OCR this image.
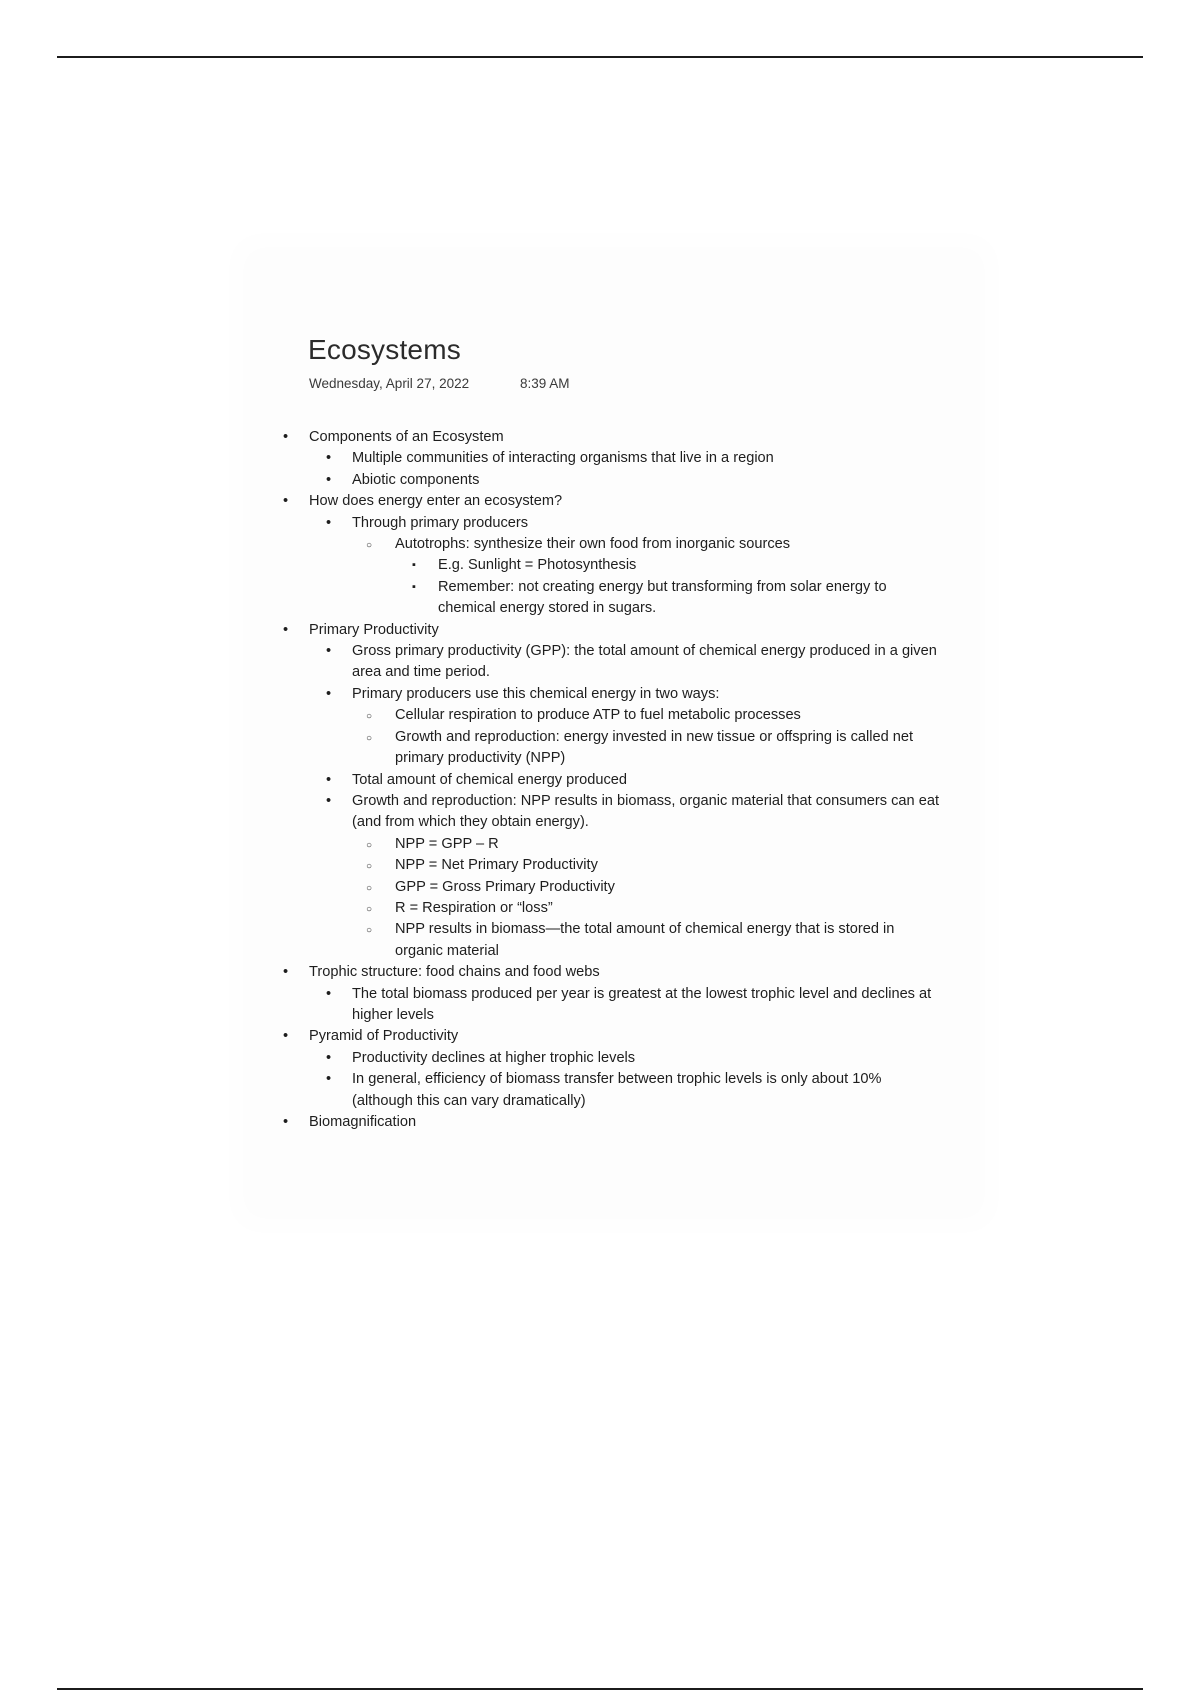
Ecosystems
Wednesday, April 27, 2022	8:39 AM
• Components of an Ecosystem
• Multiple communities of interacting organisms that live in a region
• Abiotic components
• How does energy enter an ecosystem?
• Through primary producers
○ Autotrophs: synthesize their own food from inorganic sources
▪ E.g. Sunlight = Photosynthesis
▪ Remember: not creating energy but transforming from solar energy to chemical energy stored in sugars.
• Primary Productivity
• Gross primary productivity (GPP): the total amount of chemical energy produced in a given area and time period.
• Primary producers use this chemical energy in two ways:
○ Cellular respiration to produce ATP to fuel metabolic processes
○ Growth and reproduction: energy invested in new tissue or offspring is called net primary productivity (NPP)
• Total amount of chemical energy produced
• Growth and reproduction: NPP results in biomass, organic material that consumers can eat (and from which they obtain energy).
○ NPP = GPP – R
○ NPP = Net Primary Productivity
○ GPP = Gross Primary Productivity
○ R = Respiration or “loss”
○ NPP results in biomass—the total amount of chemical energy that is stored in organic material
• Trophic structure: food chains and food webs
• The total biomass produced per year is greatest at the lowest trophic level and declines at higher levels
• Pyramid of Productivity
• Productivity declines at higher trophic levels
• In general, efficiency of biomass transfer between trophic levels is only about 10% (although this can vary dramatically)
• Biomagnification
